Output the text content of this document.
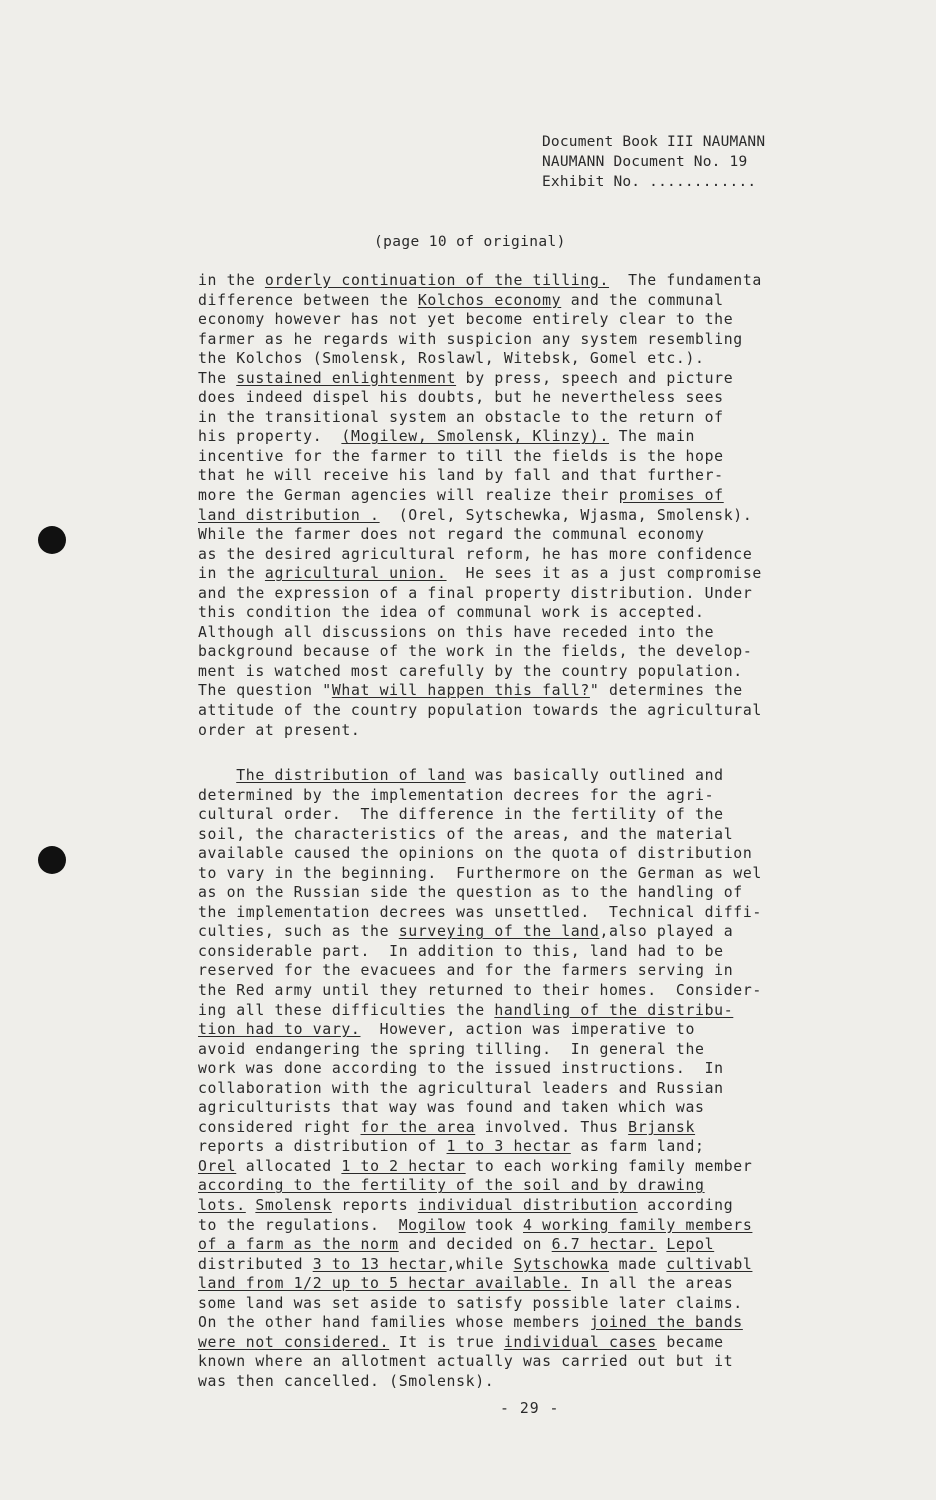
Document Book III NAUMANN
NAUMANN Document No. 19
Exhibit No. ............
(page 10 of original)
in the orderly continuation of the tilling.  The fundamenta
difference between the Kolchos economy and the communal
economy however has not yet become entirely clear to the
farmer as he regards with suspicion any system resembling
the Kolchos (Smolensk, Roslawl, Witebsk, Gomel etc.).
The sustained enlightenment by press, speech and picture
does indeed dispel his doubts, but he nevertheless sees
in the transitional system an obstacle to the return of
his property.  (Mogilew, Smolensk, Klinzy). The main
incentive for the farmer to till the fields is the hope
that he will receive his land by fall and that further-
more the German agencies will realize their promises of
land distribution .  (Orel, Sytschewka, Wjasma, Smolensk).
While the farmer does not regard the communal economy
as the desired agricultural reform, he has more confidence
in the agricultural union.  He sees it as a just compromise
and the expression of a final property distribution. Under
this condition the idea of communal work is accepted.
Although all discussions on this have receded into the
background because of the work in the fields, the develop-
ment is watched most carefully by the country population.
The question "What will happen this fall?" determines the
attitude of the country population towards the agricultural
order at present.
The distribution of land was basically outlined and
determined by the implementation decrees for the agri-
cultural order.  The difference in the fertility of the
soil, the characteristics of the areas, and the material
available caused the opinions on the quota of distribution
to vary in the beginning.  Furthermore on the German as wel
as on the Russian side the question as to the handling of
the implementation decrees was unsettled.  Technical diffi-
culties, such as the surveying of the land,also played a
considerable part.  In addition to this, land had to be
reserved for the evacuees and for the farmers serving in
the Red army until they returned to their homes.  Consider-
ing all these difficulties the handling of the distribu-
tion had to vary.  However, action was imperative to
avoid endangering the spring tilling.  In general the
work was done according to the issued instructions.  In
collaboration with the agricultural leaders and Russian
agriculturists that way was found and taken which was
considered right for the area involved. Thus Brjansk
reports a distribution of 1 to 3 hectar as farm land;
Orel allocated 1 to 2 hectar to each working family member
according to the fertility of the soil and by drawing
lots. Smolensk reports individual distribution according
to the regulations.  Mogilow took 4 working family members
of a farm as the norm and decided on 6.7 hectar. Lepol
distributed 3 to 13 hectar,while Sytschowka made cultivabl
land from 1/2 up to 5 hectar available. In all the areas
some land was set aside to satisfy possible later claims.
On the other hand families whose members joined the bands
were not considered. It is true individual cases became
known where an allotment actually was carried out but it
was then cancelled. (Smolensk).
- 29 -
